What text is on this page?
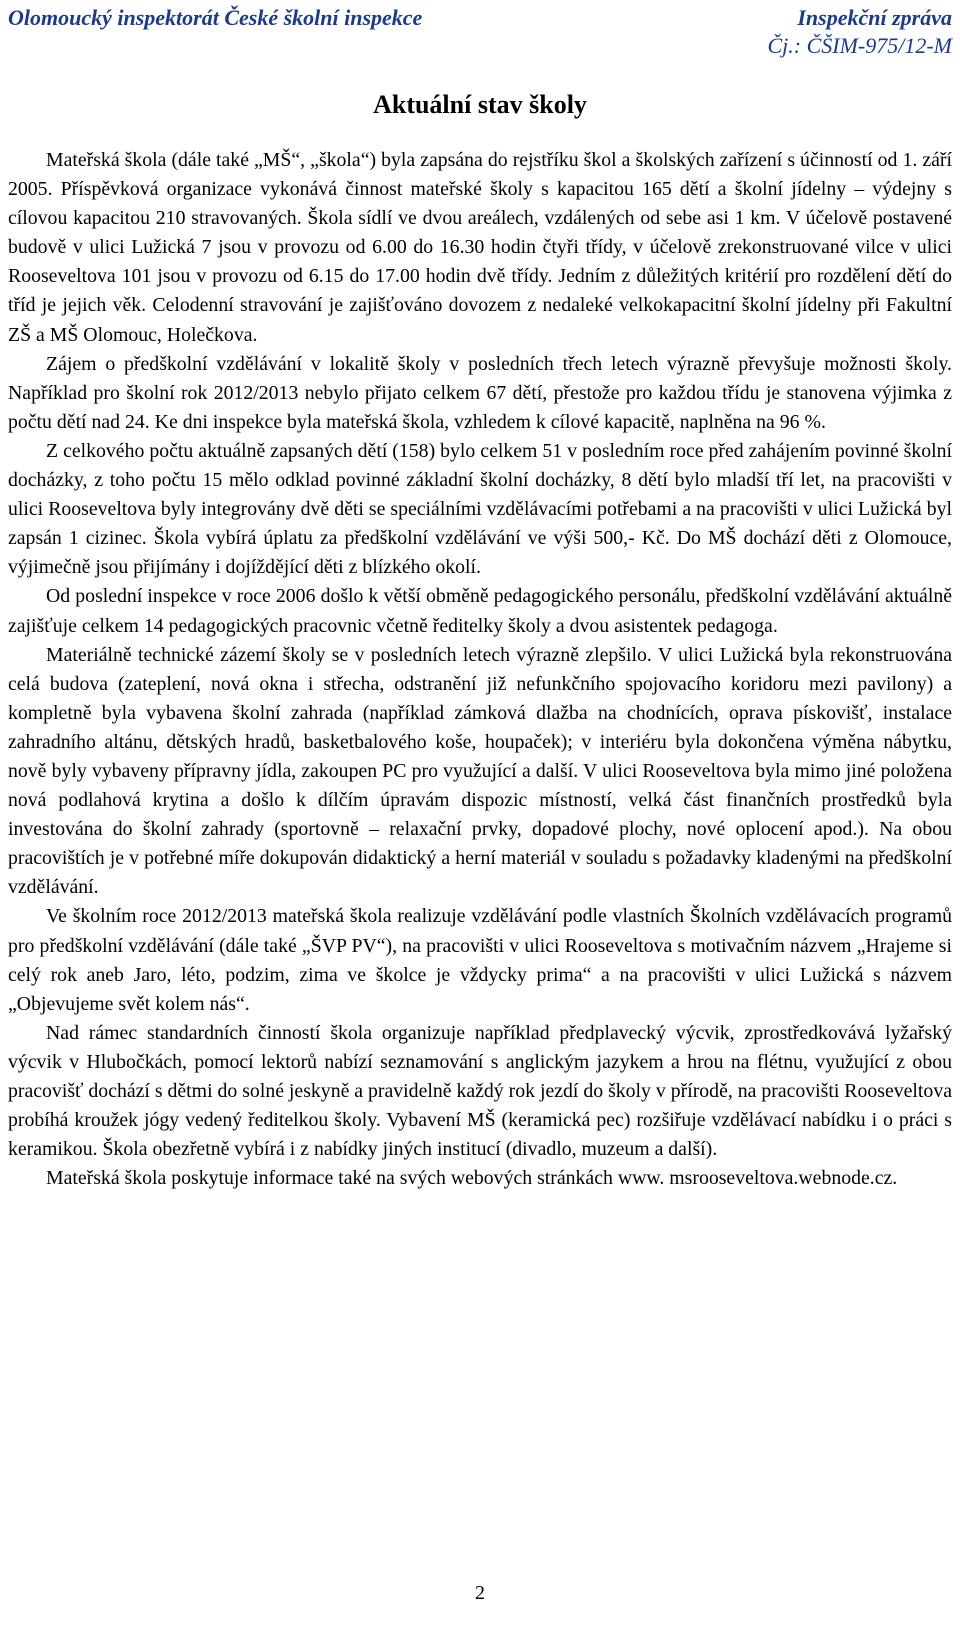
Olomoucký inspektorát České školní inspekce	Inspekční zpráva
Čj.: ČŠIM-975/12-M
Aktuální stav školy

Mateřská škola (dále také „MŠ“, „škola“) byla zapsána do rejstříku škol a školských zařízení s účinností od 1. září 2005. Příspěvková organizace vykonává činnost mateřské školy s kapacitou 165 dětí a školní jídelny – výdejny s cílovou kapacitou 210 stravovaných. Škola sídlí ve dvou areálech, vzdálených od sebe asi 1 km. V účelově postavené budově v ulici Lužická 7 jsou v provozu od 6.00 do 16.30 hodin čtyři třídy, v účelově zrekonstruované vilce v ulici Rooseveltova 101 jsou v provozu od 6.15 do 17.00 hodin dvě třídy. Jedním z důležitých kritérií pro rozdělení dětí do tříd je jejich věk. Celodenní stravování je zajišťováno dovozem z nedaleké velkokapacitní školní jídelny při Fakultní ZŠ a MŠ Olomouc, Holečkova.

Zájem o předškolní vzdělávání v lokalitě školy v posledních třech letech výrazně převyšuje možnosti školy. Například pro školní rok 2012/2013 nebylo přijato celkem 67 dětí, přestože pro každou třídu je stanovena výjimka z počtu dětí nad 24. Ke dni inspekce byla mateřská škola, vzhledem k cílové kapacitě, naplněna na 96 %.

Z celkového počtu aktuálně zapsaných dětí (158) bylo celkem 51 v posledním roce před zahájením povinné školní docházky, z toho počtu 15 mělo odklad povinné základní školní docházky, 8 dětí bylo mladší tří let, na pracovišti v ulici Rooseveltova byly integrovány dvě děti se speciálními vzdělávacími potřebami a na pracovišti v ulici Lužická byl zapsán 1 cizinec. Škola vybírá úplatu za předškolní vzdělávání ve výši 500,- Kč. Do MŠ dochází děti z Olomouce, výjimečně jsou přijímány i dojíždějící děti z blízkého okolí.

Od poslední inspekce v roce 2006 došlo k větší obměně pedagogického personálu, předškolní vzdělávání aktuálně zajišťuje celkem 14 pedagogických pracovnic včetně ředitelky školy a dvou asistentek pedagoga.

Materiálně technické zázemí školy se v posledních letech výrazně zlepšilo. V ulici Lužická byla rekonstruována celá budova (zateplení, nová okna i střecha, odstranění již nefunkčního spojovacího koridoru mezi pavilony) a kompletně byla vybavena školní zahrada (například zámková dlažba na chodnících, oprava pískovišť, instalace zahradního altánu, dětských hradů, basketbalového koše, houpaček); v interiéru byla dokončena výměna nábytku, nově byly vybaveny přípravny jídla, zakoupen PC pro využující a další. V ulici Rooseveltova byla mimo jiné položena nová podlahová krytina a došlo k dílčím úpravám dispozic místností, velká část finančních prostředků byla investována do školní zahrady (sportovně – relaxační prvky, dopadové plochy, nové oplocení apod.). Na obou pracovištích je v potřebné míře dokupován didaktický a herní materiál v souladu s požadavky kladenými na předškolní vzdělávání.

Ve školním roce 2012/2013 mateřská škola realizuje vzdělávání podle vlastních Školních vzdělávacích programů pro předškolní vzdělávání (dále také „ŠVP PV“), na pracovišti v ulici Rooseveltova s motivačním názvem „Hrajeme si celý rok aneb Jaro, léto, podzim, zima ve školce je vždycky prima“ a na pracovišti v ulici Lužická s názvem „Objevujeme svět kolem nás“.

Nad rámec standardních činností škola organizuje například předplavecký výcvik, zprostředkovává lyžařský výcvik v Hlubočkách, pomocí lektorů nabízí seznamování s anglickým jazykem a hrou na flétnu, využující z obou pracovišť dochází s dětmi do solné jeskyně a pravidelně každý rok jezdí do školy v přírodě, na pracovišti Rooseveltova probíhá kroužek jógy vedený ředitelkou školy. Vybavení MŠ (keramická pec) rozšiřuje vzdělávací nabídku i o práci s keramikou. Škola obezřetně vybírá i z nabídky jiných institucí (divadlo, muzeum a další).

Mateřská škola poskytuje informace také na svých webových stránkách www. msrooseveltova.webnode.cz.

2
